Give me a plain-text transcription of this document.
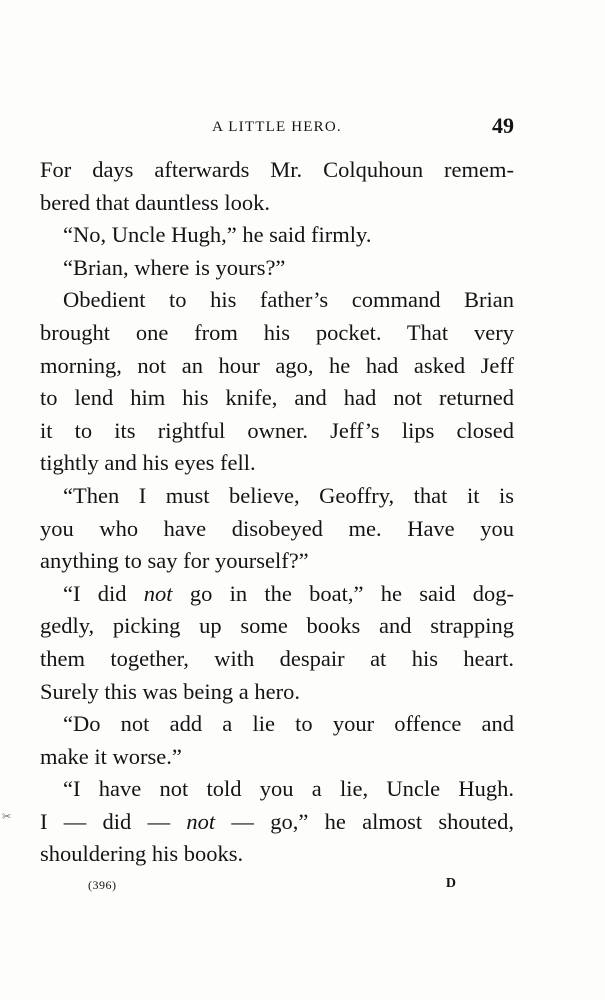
A LITTLE HERO.	49
For days afterwards Mr. Colquhoun remem-
bered that dauntless look.
“No, Uncle Hugh,” he said firmly.
“Brian, where is yours?”
Obedient to his father’s command Brian
brought one from his pocket. That very
morning, not an hour ago, he had asked Jeff
to lend him his knife, and had not returned
it to its rightful owner. Jeff’s lips closed
tightly and his eyes fell.
“Then I must believe, Geoffry, that it is
you who have disobeyed me. Have you
anything to say for yourself?”
“I did not go in the boat,” he said dog-
gedly, picking up some books and strapping
them together, with despair at his heart.
Surely this was being a hero.
“Do not add a lie to your offence and
make it worse.”
“I have not told you a lie, Uncle Hugh.
I — did — not — go,” he almost shouted,
shouldering his books.
(396)	D
✂
